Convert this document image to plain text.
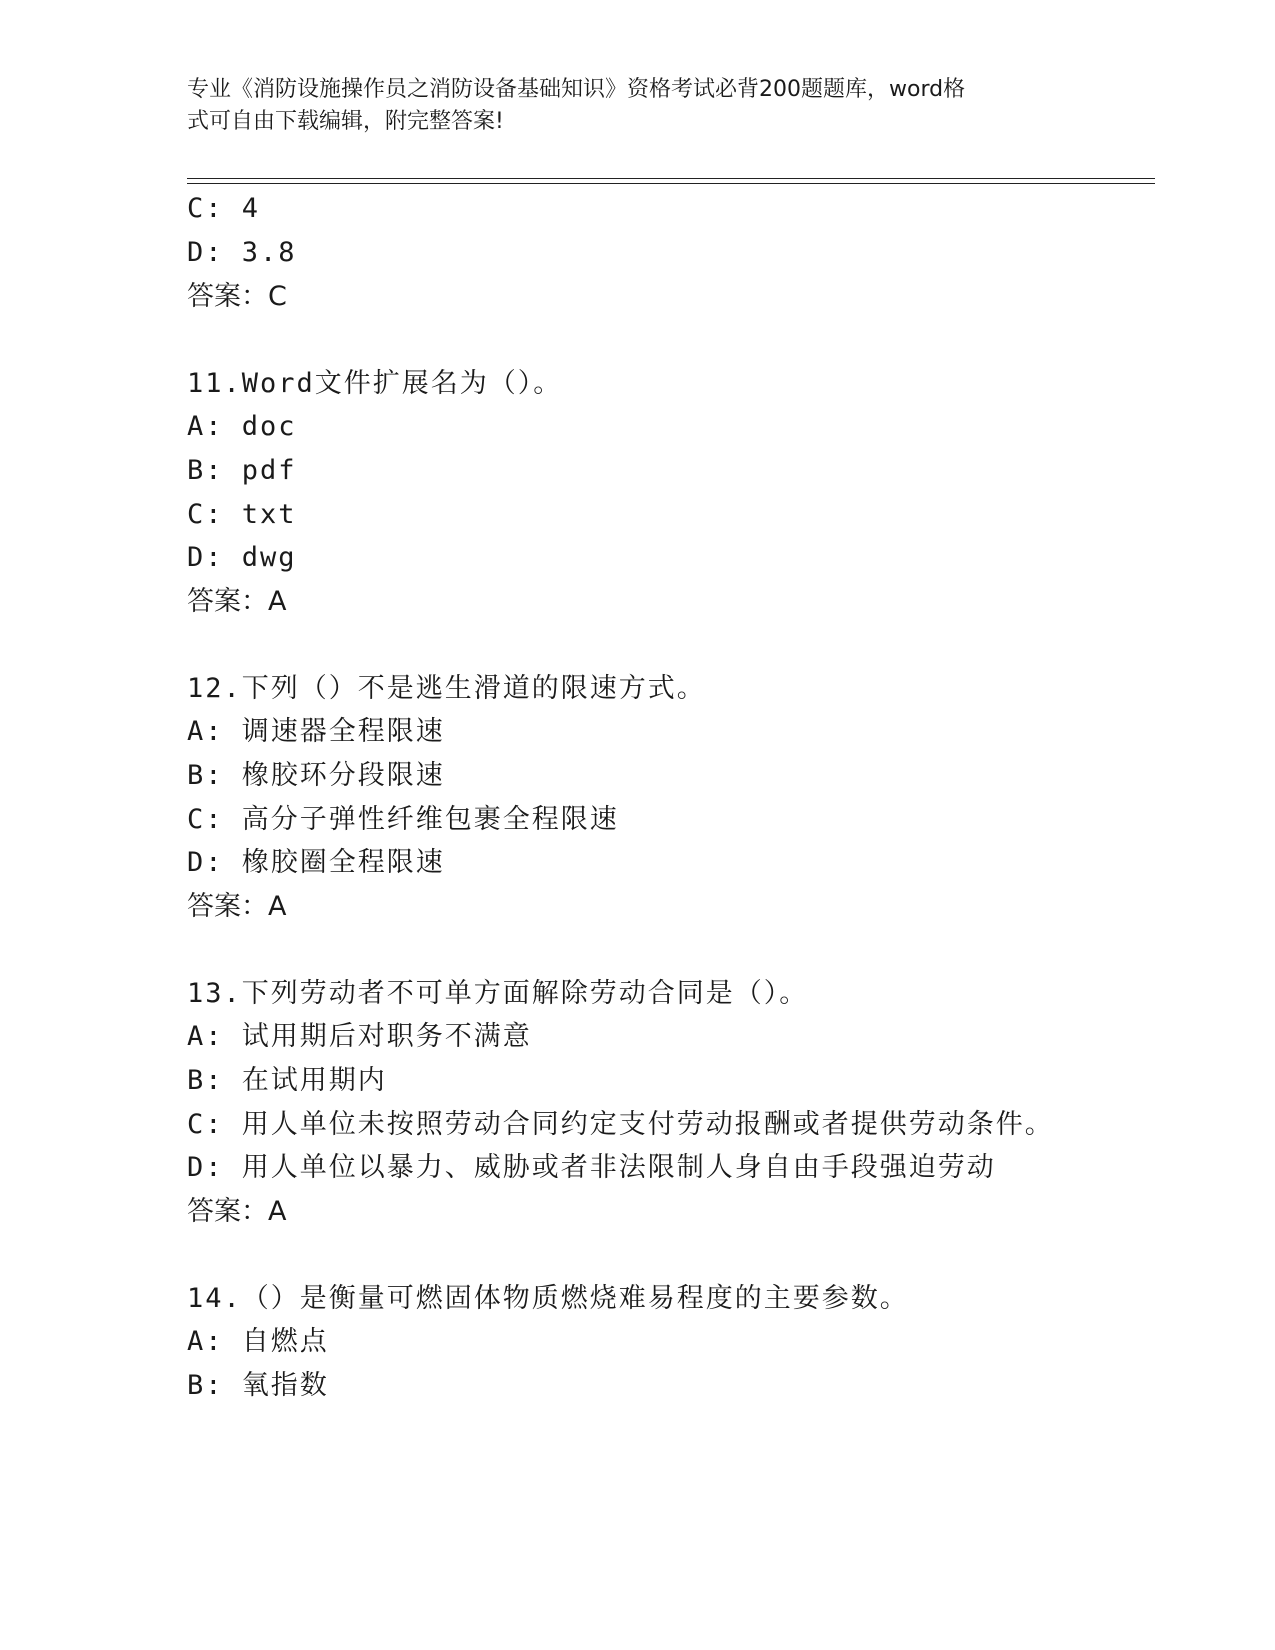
专业《消防设施操作员之消防设备基础知识》资格考试必背200题题库，word格
式可自由下载编辑，附完整答案!
C: 4
D: 3.8
答案：C
11.Word文件扩展名为（）。
A: doc
B: pdf
C: txt
D: dwg
答案：A
12.下列（）不是逃生滑道的限速方式。
A: 调速器全程限速
B: 橡胶环分段限速
C: 高分子弹性纤维包裹全程限速
D: 橡胶圈全程限速
答案：A
13.下列劳动者不可单方面解除劳动合同是（）。
A: 试用期后对职务不满意
B: 在试用期内
C: 用人单位未按照劳动合同约定支付劳动报酬或者提供劳动条件。
D: 用人单位以暴力、威胁或者非法限制人身自由手段强迫劳动
答案：A
14.（）是衡量可燃固体物质燃烧难易程度的主要参数。
A: 自燃点
B: 氧指数
